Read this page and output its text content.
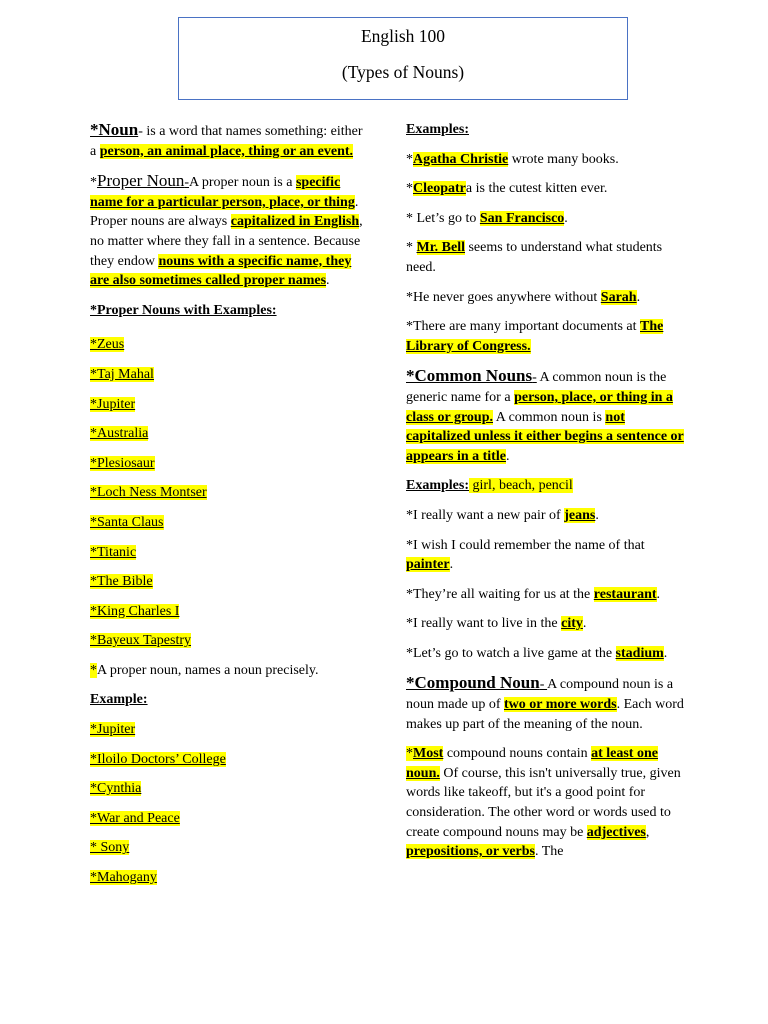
English 100
(Types of Nouns)

*Noun- is a word that names something: either a person, an animal place, thing or an event.

*Proper Noun-A proper noun is a specific name for a particular person, place, or thing. Proper nouns are always capitalized in English, no matter where they fall in a sentence. Because they endow nouns with a specific name, they are also sometimes called proper names.

*Proper Nouns with Examples:

*Zeus
*Taj Mahal
*Jupiter
*Australia
*Plesiosaur
*Loch Ness Montser
*Santa Claus
*Titanic
*The Bible
*King Charles I
*Bayeux Tapestry
*A proper noun, names a noun precisely.
Example:
*Jupiter
*Iloilo Doctors’ College
*Cynthia
*War and Peace
* Sony
*Mahogany

Examples:

*Agatha Christie wrote many books.

*Cleopatra is the cutest kitten ever.

* Let’s go to San Francisco.

* Mr. Bell seems to understand what students need.

*He never goes anywhere without Sarah.

*There are many important documents at The Library of Congress.

*Common Nouns- A common noun is the generic name for a person, place, or thing in a class or group. A common noun is not capitalized unless it either begins a sentence or appears in a title.

Examples: girl, beach, pencil

*I really want a new pair of jeans.

*I wish I could remember the name of that painter.

*They’re all waiting for us at the restaurant.

*I really want to live in the city.

*Let’s go to watch a live game at the stadium.

*Compound Noun- A compound noun is a noun made up of two or more words. Each word makes up part of the meaning of the noun.

*Most compound nouns contain at least one noun. Of course, this isn't universally true, given words like takeoff, but it's a good point for consideration. The other word or words used to create compound nouns may be adjectives, prepositions, or verbs. The
